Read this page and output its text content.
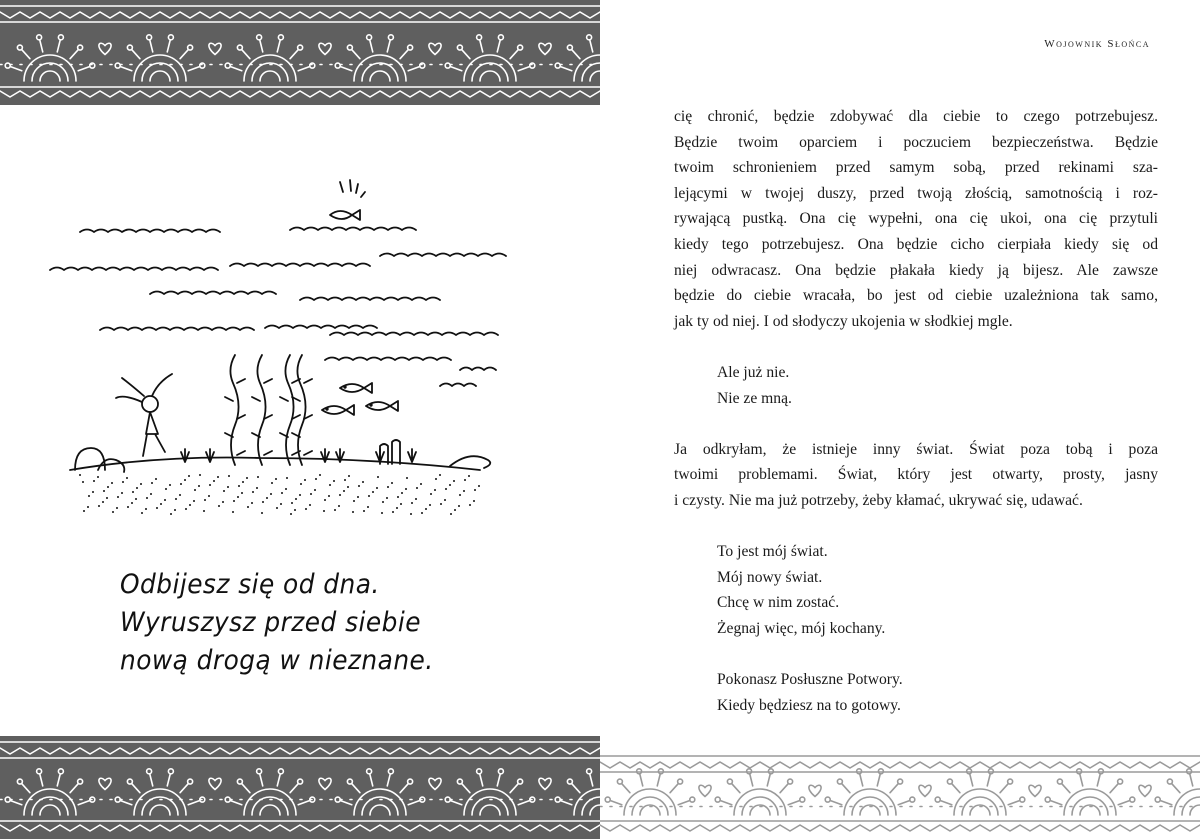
Odbijesz się od dna.
Wyruszysz przed siebie
nową drogą w nieznane.
Wojownik Słońca

cię chronić, będzie zdobywać dla ciebie to czego potrzebujesz.
Będzie twoim oparciem i poczuciem bezpieczeństwa. Będzie
twoim schronieniem przed samym sobą, przed rekinami sza-
lejącymi w twojej duszy, przed twoją złością, samotnością i roz-
rywającą pustką. Ona cię wypełni, ona cię ukoi, ona cię przytuli
kiedy tego potrzebujesz. Ona będzie cicho cierpiała kiedy się od
niej odwracasz. Ona będzie płakała kiedy ją bijesz. Ale zawsze
będzie do ciebie wracała, bo jest od ciebie uzależniona tak samo,
jak ty od niej. I od słodyczy ukojenia w słodkiej mgle.

Ale już nie.
Nie ze mną.

Ja odkryłam, że istnieje inny świat. Świat poza tobą i poza
twoimi problemami. Świat, który jest otwarty, prosty, jasny
i czysty. Nie ma już potrzeby, żeby kłamać, ukrywać się, udawać.

To jest mój świat.
Mój nowy świat.
Chcę w nim zostać.
Żegnaj więc, mój kochany.

Pokonasz Posłuszne Potwory.
Kiedy będziesz na to gotowy.
